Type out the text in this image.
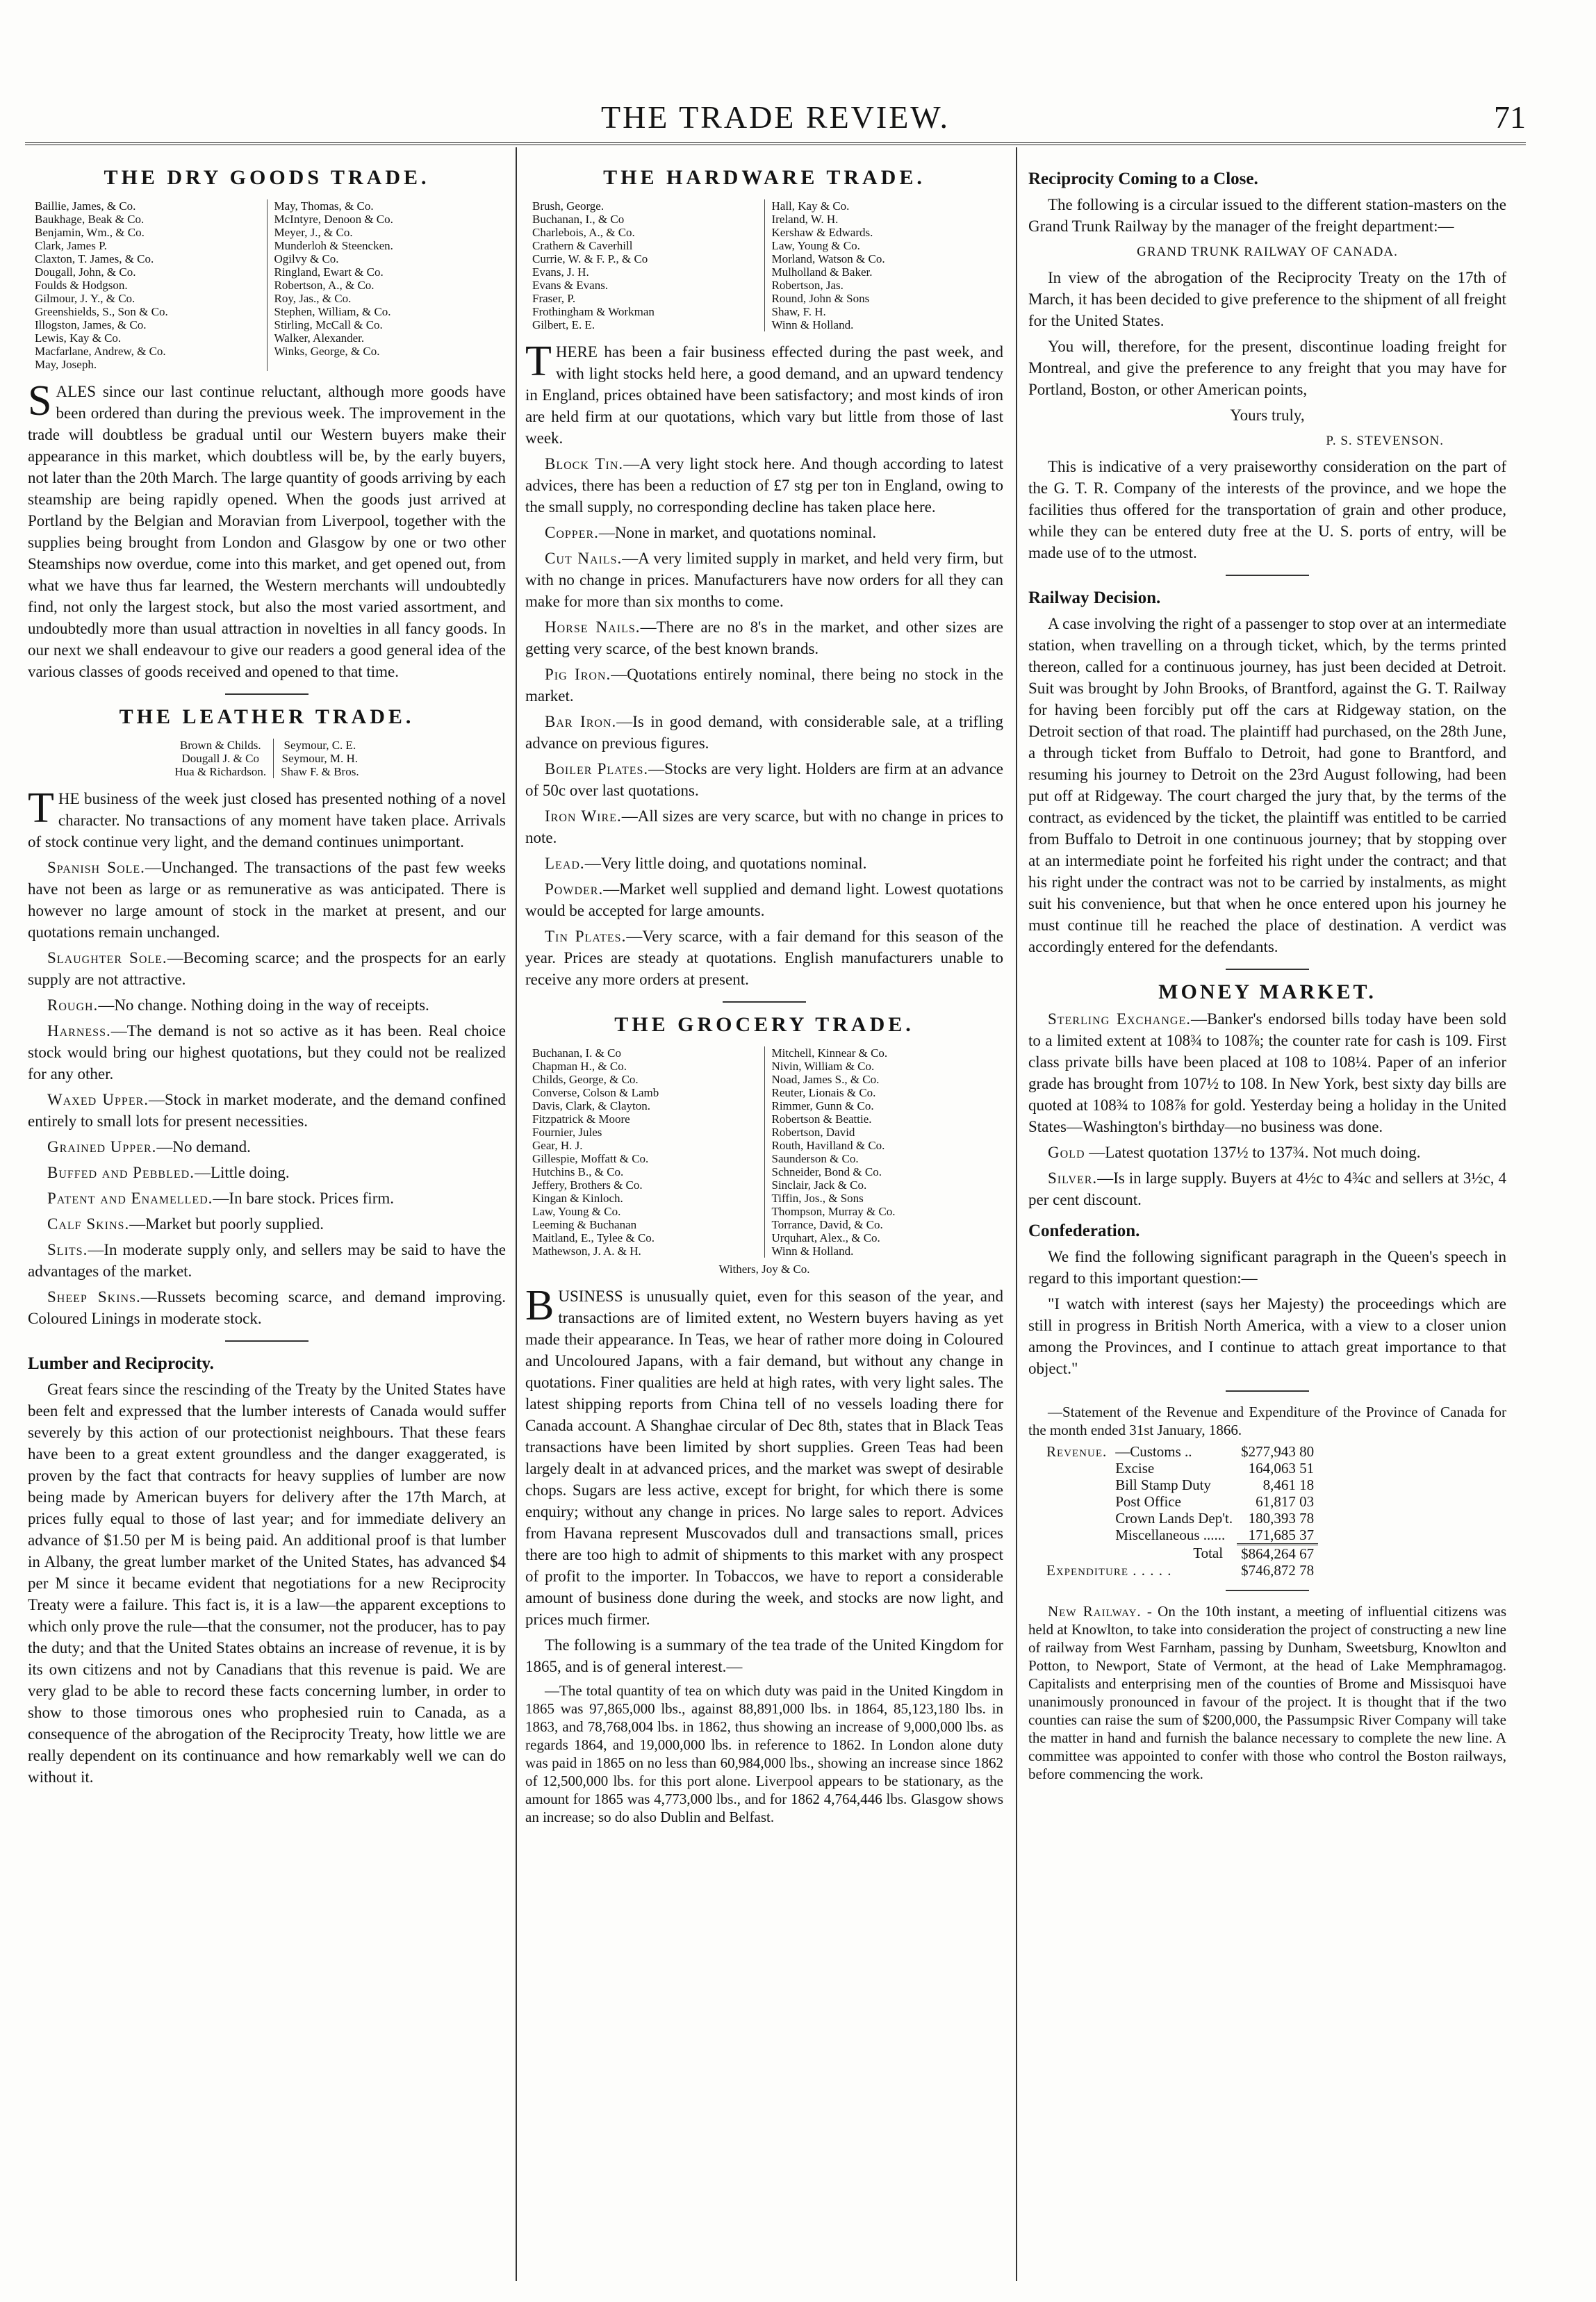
THE TRADE REVIEW.	71
THE DRY GOODS TRADE.
Baillie, James, & Co.
Baukhage, Beak & Co.
Benjamin, Wm., & Co.
Clark, James P.
Claxton, T. James, & Co.
Dougall, John, & Co.
Foulds & Hodgson.
Gilmour, J. Y., & Co.
Greenshields, S., Son & Co.
Illogston, James, & Co.
Lewis, Kay & Co.
Macfarlane, Andrew, & Co.
May, Joseph.
May, Thomas, & Co.
McIntyre, Denoon & Co.
Meyer, J., & Co.
Munderloh & Steencken.
Ogilvy & Co.
Ringland, Ewart & Co.
Robertson, A., & Co.
Roy, Jas., & Co.
Stephen, William, & Co.
Stirling, McCall & Co.
Walker, Alexander.
Winks, George, & Co.

SALES since our last continue reluctant, although more goods have been ordered than during the previous week. The improvement in the trade will doubtless be gradual until our Western buyers make their appearance in this market, which doubtless will be, by the early buyers, not later than the 20th March. The large quantity of goods arriving by each steamship are being rapidly opened. When the goods just arrived at Portland by the Belgian and Moravian from Liverpool, together with the supplies being brought from London and Glasgow by one or two other Steamships now overdue, come into this market, and get opened out, from what we have thus far learned, the Western merchants will undoubtedly find, not only the largest stock, but also the most varied assortment, and undoubtedly more than usual attraction in novelties in all fancy goods. In our next we shall endeavour to give our readers a good general idea of the various classes of goods received and opened to that time.

THE LEATHER TRADE.
Brown & Childs.
Dougall J. & Co
Hua & Richardson.
Seymour, C. E.
Seymour, M. H.
Shaw F. & Bros.

THE business of the week just closed has presented nothing of a novel character. No transactions of any moment have taken place. Arrivals of stock continue very light, and the demand continues unimportant.

Spanish Sole.—Unchanged. The transactions of the past few weeks have not been as large or as remunerative as was anticipated. There is however no large amount of stock in the market at present, and our quotations remain unchanged.

Slaughter Sole.—Becoming scarce; and the prospects for an early supply are not attractive.

Rough.—No change. Nothing doing in the way of receipts.

Harness.—The demand is not so active as it has been. Real choice stock would bring our highest quotations, but they could not be realized for any other.

Waxed Upper.—Stock in market moderate, and the demand confined entirely to small lots for present necessities.

Grained Upper.—No demand.

Buffed and Pebbled.—Little doing.

Patent and Enamelled.—In bare stock. Prices firm.

Calf Skins.—Market but poorly supplied.

Slits.—In moderate supply only, and sellers may be said to have the advantages of the market.

Sheep Skins.—Russets becoming scarce, and demand improving. Coloured Linings in moderate stock.

Lumber and Reciprocity.

Great fears since the rescinding of the Treaty by the United States have been felt and expressed that the lumber interests of Canada would suffer severely by this action of our protectionist neighbours. That these fears have been to a great extent groundless and the danger exaggerated, is proven by the fact that contracts for heavy supplies of lumber are now being made by American buyers for delivery after the 17th March, at prices fully equal to those of last year; and for immediate delivery an advance of $1.50 per M is being paid. An additional proof is that lumber in Albany, the great lumber market of the United States, has advanced $4 per M since it became evident that negotiations for a new Reciprocity Treaty were a failure. This fact is, it is a law—the apparent exceptions to which only prove the rule—that the consumer, not the producer, has to pay the duty; and that the United States obtains an increase of revenue, it is by its own citizens and not by Canadians that this revenue is paid. We are very glad to be able to record these facts concerning lumber, in order to show to those timorous ones who prophesied ruin to Canada, as a consequence of the abrogation of the Reciprocity Treaty, how little we are really dependent on its continuance and how remarkably well we can do without it.

THE HARDWARE TRADE.
Brush, George.
Buchanan, I., & Co
Charlebois, A., & Co.
Crathern & Caverhill
Currie, W. & F. P., & Co
Evans, J. H.
Evans & Evans.
Fraser, P.
Frothingham & Workman
Gilbert, E. E.
Hall, Kay & Co.
Ireland, W. H.
Kershaw & Edwards.
Law, Young & Co.
Morland, Watson & Co.
Mulholland & Baker.
Robertson, Jas.
Round, John & Sons
Shaw, F. H.
Winn & Holland.

THERE has been a fair business effected during the past week, and with light stocks held here, a good demand, and an upward tendency in England, prices obtained have been satisfactory; and most kinds of iron are held firm at our quotations, which vary but little from those of last week.

Block Tin.—A very light stock here. And though according to latest advices, there has been a reduction of £7 stg per ton in England, owing to the small supply, no corresponding decline has taken place here.

Copper.—None in market, and quotations nominal.

Cut Nails.—A very limited supply in market, and held very firm, but with no change in prices. Manufacturers have now orders for all they can make for more than six months to come.

Horse Nails.—There are no 8's in the market, and other sizes are getting very scarce, of the best known brands.

Pig Iron.—Quotations entirely nominal, there being no stock in the market.

Bar Iron.—Is in good demand, with considerable sale, at a trifling advance on previous figures.

Boiler Plates.—Stocks are very light. Holders are firm at an advance of 50c over last quotations.

Iron Wire.—All sizes are very scarce, but with no change in prices to note.

Lead.—Very little doing, and quotations nominal.

Powder.—Market well supplied and demand light. Lowest quotations would be accepted for large amounts.

Tin Plates.—Very scarce, with a fair demand for this season of the year. Prices are steady at quotations. English manufacturers unable to receive any more orders at present.

THE GROCERY TRADE.
Buchanan, I. & Co
Chapman H., & Co.
Childs, George, & Co.
Converse, Colson & Lamb
Davis, Clark, & Clayton.
Fitzpatrick & Moore
Fournier, Jules
Gear, H. J.
Gillespie, Moffatt & Co.
Hutchins B., & Co.
Jeffery, Brothers & Co.
Kingan & Kinloch.
Law, Young & Co.
Leeming & Buchanan
Maitland, E., Tylee & Co.
Mathewson, J. A. & H.
Mitchell, Kinnear & Co.
Nivin, William & Co.
Noad, James S., & Co.
Reuter, Lionais & Co.
Rimmer, Gunn & Co.
Robertson & Beattie.
Robertson, David
Routh, Havilland & Co.
Saunderson & Co.
Schneider, Bond & Co.
Sinclair, Jack & Co.
Tiffin, Jos., & Sons
Thompson, Murray & Co.
Torrance, David, & Co.
Urquhart, Alex., & Co.
Winn & Holland.
Withers, Joy & Co.

BUSINESS is unusually quiet, even for this season of the year, and transactions are of limited extent, no Western buyers having as yet made their appearance. In Teas, we hear of rather more doing in Coloured and Uncoloured Japans, with a fair demand, but without any change in quotations. Finer qualities are held at high rates, with very light sales. The latest shipping reports from China tell of no vessels loading there for Canada account. A Shanghae circular of Dec 8th, states that in Black Teas transactions have been limited by short supplies. Green Teas had been largely dealt in at advanced prices, and the market was swept of desirable chops. Sugars are less active, except for bright, for which there is some enquiry; without any change in prices. No large sales to report. Advices from Havana represent Muscovados dull and transactions small, prices there are too high to admit of shipments to this market with any prospect of profit to the importer. In Tobaccos, we have to report a considerable amount of business done during the week, and stocks are now light, and prices much firmer.

The following is a summary of the tea trade of the United Kingdom for 1865, and is of general interest.—

—The total quantity of tea on which duty was paid in the United Kingdom in 1865 was 97,865,000 lbs., against 88,891,000 lbs. in 1864, 85,123,180 lbs. in 1863, and 78,768,004 lbs. in 1862, thus showing an increase of 9,000,000 lbs. as regards 1864, and 19,000,000 lbs. in reference to 1862. In London alone duty was paid in 1865 on no less than 60,984,000 lbs., showing an increase since 1862 of 12,500,000 lbs. for this port alone. Liverpool appears to be stationary, as the amount for 1865 was 4,773,000 lbs., and for 1862 4,764,446 lbs. Glasgow shows an increase; so do also Dublin and Belfast.

Reciprocity Coming to a Close.

The following is a circular issued to the different station-masters on the Grand Trunk Railway by the manager of the freight department:—

GRAND TRUNK RAILWAY OF CANADA.

In view of the abrogation of the Reciprocity Treaty on the 17th of March, it has been decided to give preference to the shipment of all freight for the United States.

You will, therefore, for the present, discontinue loading freight for Montreal, and give the preference to any freight that you may have for Portland, Boston, or other American points,

Yours truly,

P. S. STEVENSON.

This is indicative of a very praiseworthy consideration on the part of the G. T. R. Company of the interests of the province, and we hope the facilities thus offered for the transportation of grain and other produce, while they can be entered duty free at the U. S. ports of entry, will be made use of to the utmost.

Railway Decision.

A case involving the right of a passenger to stop over at an intermediate station, when travelling on a through ticket, which, by the terms printed thereon, called for a continuous journey, has just been decided at Detroit. Suit was brought by John Brooks, of Brantford, against the G. T. Railway for having been forcibly put off the cars at Ridgeway station, on the Detroit section of that road. The plaintiff had purchased, on the 28th June, a through ticket from Buffalo to Detroit, had gone to Brantford, and resuming his journey to Detroit on the 23rd August following, had been put off at Ridgeway. The court charged the jury that, by the terms of the contract, as evidenced by the ticket, the plaintiff was entitled to be carried from Buffalo to Detroit in one continuous journey; that by stopping over at an intermediate point he forfeited his right under the contract; and that his right under the contract was not to be carried by instalments, as might suit his convenience, but that when he once entered upon his journey he must continue till he reached the place of destination. A verdict was accordingly entered for the defendants.

MONEY MARKET.

Sterling Exchange.—Banker's endorsed bills today have been sold to a limited extent at 108¾ to 108⅞; the counter rate for cash is 109. First class private bills have been placed at 108 to 108¼. Paper of an inferior grade has brought from 107½ to 108. In New York, best sixty day bills are quoted at 108¾ to 108⅞ for gold. Yesterday being a holiday in the United States—Washington's birthday—no business was done.

Gold —Latest quotation 137½ to 137¾. Not much doing.

Silver.—Is in large supply. Buyers at 4½c to 4¾c and sellers at 3½c, 4 per cent discount.

Confederation.

We find the following significant paragraph in the Queen's speech in regard to this important question:—

"I watch with interest (says her Majesty) the proceedings which are still in progress in British North America, with a view to a closer union among the Provinces, and I continue to attach great importance to that object."

—Statement of the Revenue and Expenditure of the Province of Canada for the month ended 31st January, 1866.

Revenue.	—Customs ..	$277,943 80
	Excise	164,063 51
	Bill Stamp Duty	8,461 18
	Post Office	61,817 03
	Crown Lands Dep't.	180,393 78
	Miscellaneous ......	171,685 37
	Total	$864,264 67
Expenditure . . . . .		$746,872 78

New Railway. - On the 10th instant, a meeting of influential citizens was held at Knowlton, to take into consideration the project of constructing a new line of railway from West Farnham, passing by Dunham, Sweetsburg, Knowlton and Potton, to Newport, State of Vermont, at the head of Lake Memphramagog. Capitalists and enterprising men of the counties of Brome and Missisquoi have unanimously pronounced in favour of the project. It is thought that if the two counties can raise the sum of $200,000, the Passumpsic River Company will take the matter in hand and furnish the balance necessary to complete the new line. A committee was appointed to confer with those who control the Boston railways, before commencing the work.
